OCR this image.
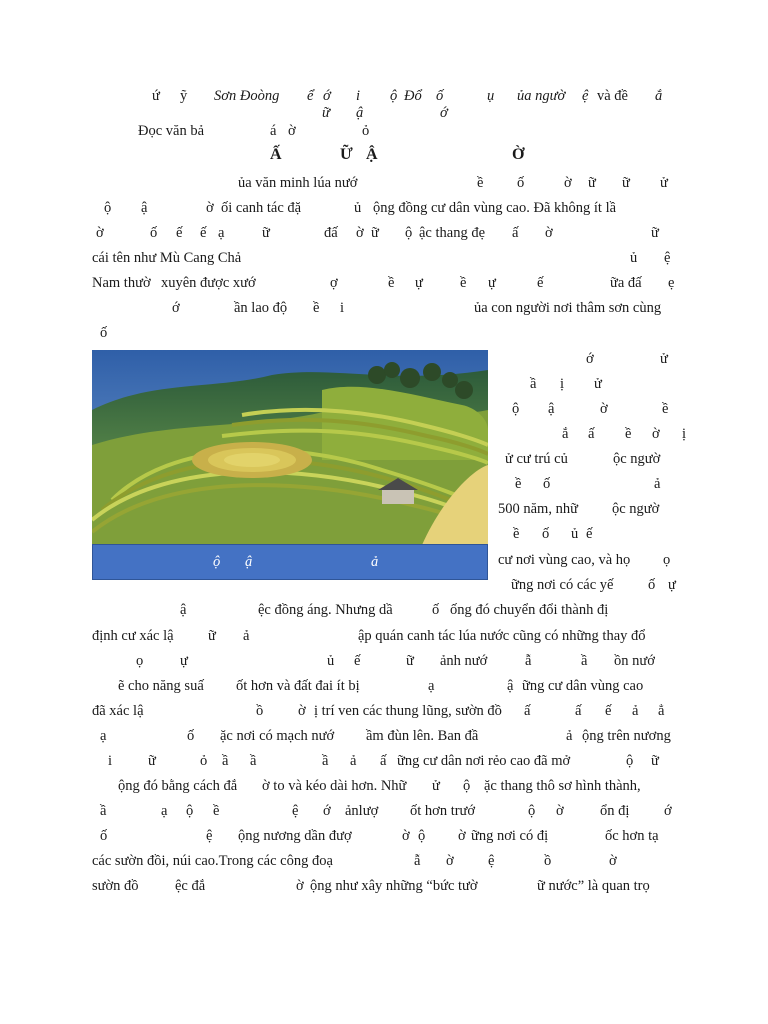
ứ ỹ Sơn Đoòng ể ớ i ộ Đổ ố	ụ ủa ngườ ệ và đề ắ
ữ ậ	ớ
Đọc văn bả	á ờ	ỏ
Ấ	Ữ Ậ	Ờ
ủa văn minh lúa nướ	ề ố	ờ ữ ữ ử
ộ ậ	ờ ối canh tác đặ	ủ ộng đồng cư dân vùng cao. Đã không ít lầ
ờ	ố ế ế ạ	ữ	đấ ờ ữ ộ ậc thang đẹ ấ ờ	ữ
cái tên như Mù Cang Chả	ủ ệ
Nam thườ xuyên được xướ	ợ	ề ự	ề ự	ế	ữa đấ ẹ
ớ	ần lao độ ề i	ủa con người nơi thâm sơn cùng
ố

ộ

ậ

	ả

ớ	ử
ầ ị ử
ộ ậ	ờ	ề
ắ ấ ề ờ ị
ử cư trú củ	ộc ngườ
ề ố	ả
500 năm, nhữ ộc ngườ
ề ố ủ ế
cư nơi vùng cao, và họ ọ
ững nơi có các yế ố ự
ậ	ệc đồng áng. Nhưng dầ	ố ống đó chuyển đổi thành đị
định cư xác lậ ữ ả	ập quán canh tác lúa nước cũng có những thay đổ
ọ	ự	ủ ế	ữ ảnh nướ	ẫ	ầ ồn nướ
ẽ cho năng suấ ốt hơn và đất đai ít bị	ạ	ậ ững cư dân vùng cao
đã xác lậ	ồ ờ ị trí ven các thung lũng, sườn đồ ấ	ấ ế ả ẳ
ạ	ố ặc nơi có mạch nướ ầm đùn lên. Ban đầ	ả ộng trên nương
i ữ	ỏ ầ ầ	ầ ả ấ ững cư dân nơi rẻo cao đã mở	ộ ữ
ộng đó bằng cách đắ ờ to và kéo dài hơn. Nhữ ử ộ ặc thang thô sơ hình thành,
ầ	ạ ộ ề	ệ ớ ảnlượ ốt hơn trướ	ộ ờ	ổn đị ớ
ố	ệ ộng nương dần đượ	ờ ộ ờ ững nơi có đị	ốc hơn tạ
các sườn đồi, núi cao.Trong các công đoạ	ẫ ờ ệ	ồ	ờ
sườn đồ	ệc đắ	ờ ộng như xây những “bức tườ	ữ nước” là quan trọ
